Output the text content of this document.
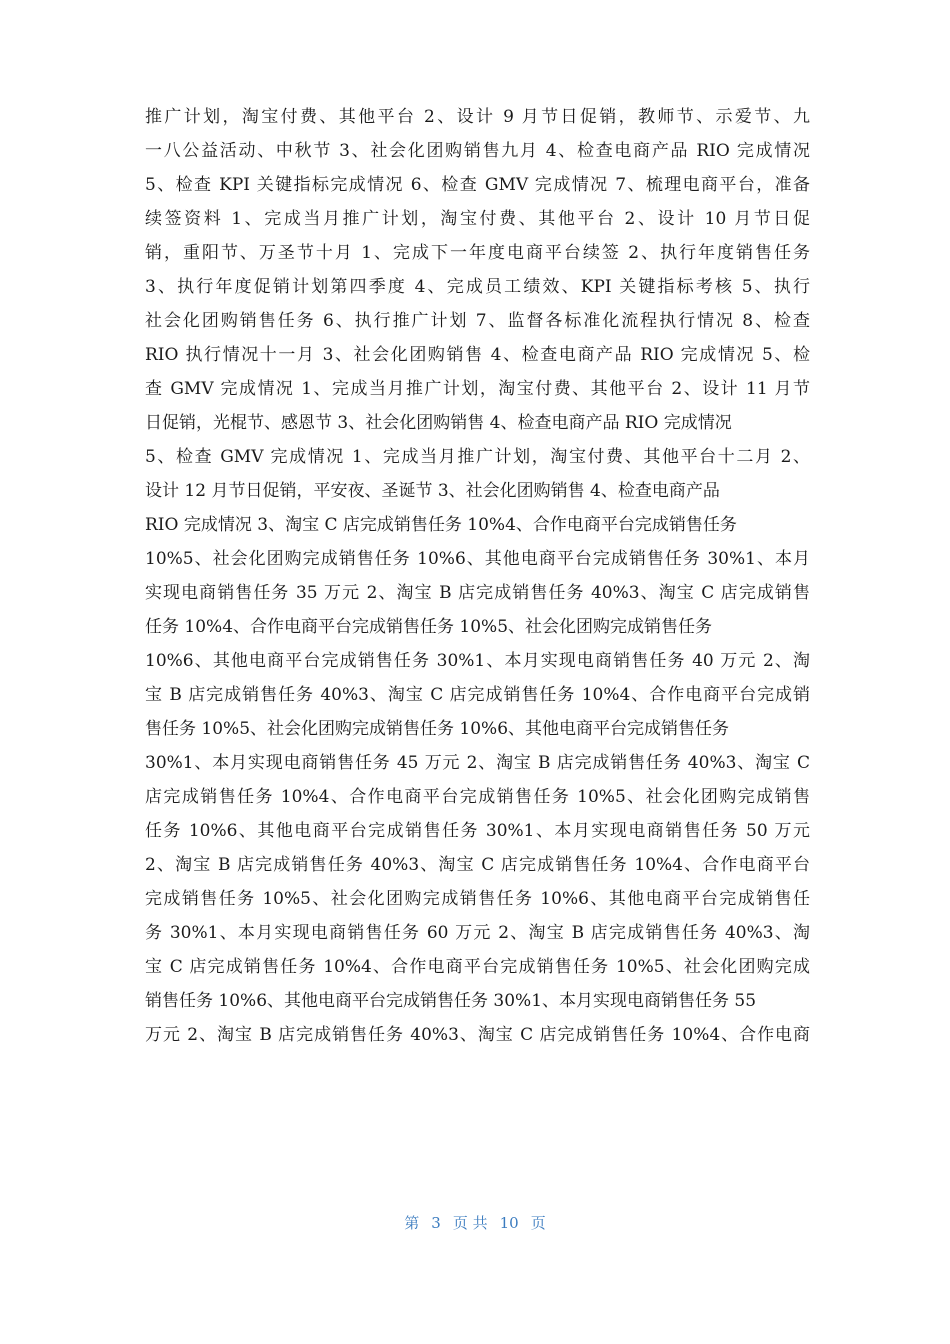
推广计划，淘宝付费、其他平台 2、设计 9 月节日促销，教师节、示爱节、九
一八公益活动、中秋节 3、社会化团购销售九月 4、检查电商产品 RIO 完成情况
5、检查 KPI 关键指标完成情况 6、检查 GMV 完成情况 7、梳理电商平台，准备
续签资料 1、完成当月推广计划，淘宝付费、其他平台 2、设计 10 月节日促
销，重阳节、万圣节十月 1、完成下一年度电商平台续签 2、执行年度销售任务
3、执行年度促销计划第四季度 4、完成员工绩效、KPI 关键指标考核 5、执行
社会化团购销售任务 6、执行推广计划 7、监督各标准化流程执行情况 8、检查
RIO 执行情况十一月 3、社会化团购销售 4、检查电商产品 RIO 完成情况 5、检
查 GMV 完成情况 1、完成当月推广计划，淘宝付费、其他平台 2、设计 11 月节
日促销，光棍节、感恩节 3、社会化团购销售 4、检查电商产品 RIO 完成情况
5、检查 GMV 完成情况 1、完成当月推广计划，淘宝付费、其他平台十二月 2、
设计 12 月节日促销，平安夜、圣诞节 3、社会化团购销售 4、检查电商产品
RIO 完成情况 3、淘宝 C 店完成销售任务 10%4、合作电商平台完成销售任务
10%5、社会化团购完成销售任务 10%6、其他电商平台完成销售任务 30%1、本月
实现电商销售任务 35 万元 2、淘宝 B 店完成销售任务 40%3、淘宝 C 店完成销售
任务 10%4、合作电商平台完成销售任务 10%5、社会化团购完成销售任务
10%6、其他电商平台完成销售任务 30%1、本月实现电商销售任务 40 万元 2、淘
宝 B 店完成销售任务 40%3、淘宝 C 店完成销售任务 10%4、合作电商平台完成销
售任务 10%5、社会化团购完成销售任务 10%6、其他电商平台完成销售任务
30%1、本月实现电商销售任务 45 万元 2、淘宝 B 店完成销售任务 40%3、淘宝 C
店完成销售任务 10%4、合作电商平台完成销售任务 10%5、社会化团购完成销售
任务 10%6、其他电商平台完成销售任务 30%1、本月实现电商销售任务 50 万元
2、淘宝 B 店完成销售任务 40%3、淘宝 C 店完成销售任务 10%4、合作电商平台
完成销售任务 10%5、社会化团购完成销售任务 10%6、其他电商平台完成销售任
务 30%1、本月实现电商销售任务 60 万元 2、淘宝 B 店完成销售任务 40%3、淘
宝 C 店完成销售任务 10%4、合作电商平台完成销售任务 10%5、社会化团购完成
销售任务 10%6、其他电商平台完成销售任务 30%1、本月实现电商销售任务 55
万元 2、淘宝 B 店完成销售任务 40%3、淘宝 C 店完成销售任务 10%4、合作电商
第 3 页 共 10 页
